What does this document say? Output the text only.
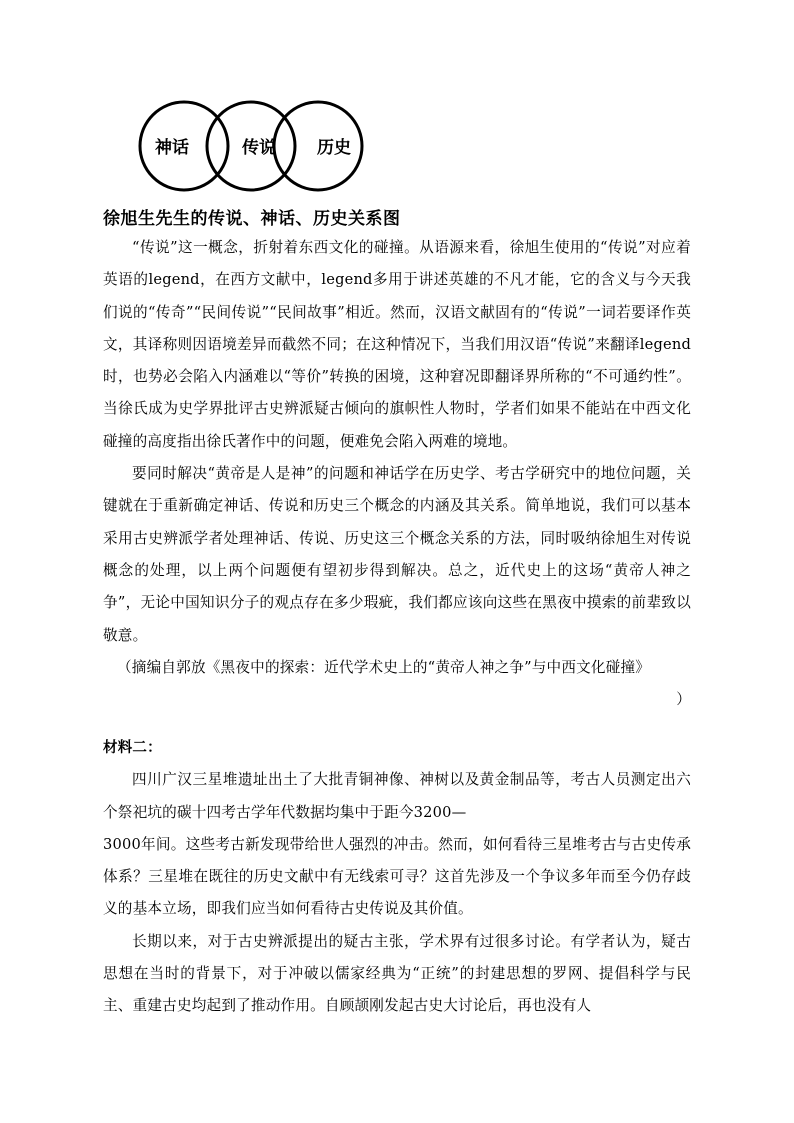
神话	传说 历史
徐旭生先生的传说、神话、历史关系图

“传说”这一概念，折射着东西文化的碰撞。从语源来看，徐旭生使用的“传说”对应着英语的legend，在西方文献中，legend多用于讲述英雄的不凡才能，它的含义与今天我们说的“传奇”“民间传说”“民间故事”相近。然而，汉语文献固有的“传说”一词若要译作英文，其译称则因语境差异而截然不同；在这种情况下，当我们用汉语“传说”来翻译legend时，也势必会陷入内涵难以“等价”转换的困境，这种窘况即翻译界所称的“不可通约性”。当徐氏成为史学界批评古史辨派疑古倾向的旗帜性人物时，学者们如果不能站在中西文化碰撞的高度指出徐氏著作中的问题，便难免会陷入两难的境地。

要同时解决“黄帝是人是神”的问题和神话学在历史学、考古学研究中的地位问题，关键就在于重新确定神话、传说和历史三个概念的内涵及其关系。简单地说，我们可以基本采用古史辨派学者处理神话、传说、历史这三个概念关系的方法，同时吸纳徐旭生对传说概念的处理，以上两个问题便有望初步得到解决。总之，近代史上的这场“黄帝人神之争”，无论中国知识分子的观点存在多少瑕疵，我们都应该向这些在黑夜中摸索的前辈致以敬意。

（摘编自郭放《黑夜中的探索：近代学术史上的“黄帝人神之争”与中西文化碰撞》

）

材料二：

四川广汉三星堆遗址出土了大批青铜神像、神树以及黄金制品等，考古人员测定出六个祭祀坑的碳十四考古学年代数据均集中于距今3200—

3000年间。这些考古新发现带给世人强烈的冲击。然而，如何看待三星堆考古与古史传承体系？三星堆在既往的历史文献中有无线索可寻？这首先涉及一个争议多年而至今仍存歧义的基本立场，即我们应当如何看待古史传说及其价值。

长期以来，对于古史辨派提出的疑古主张，学术界有过很多讨论。有学者认为，疑古思想在当时的背景下，对于冲破以儒家经典为“正统”的封建思想的罗网、提倡科学与民主、重建古史均起到了推动作用。自顾颉刚发起古史大讨论后，再也没有人
